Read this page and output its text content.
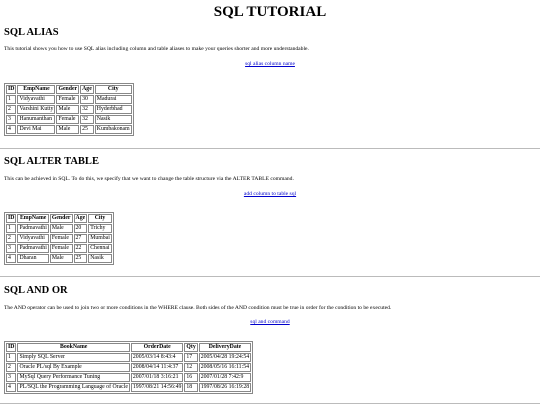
SQL TUTORIAL
SQL ALIAS

This tutorial shows you how to use SQL alias including column and table aliases to make your queries shorter and more understandable.

sql alias column name
ID	EmpName	Gender	Age	City
1	Vidyavathi	Female	30	Madurai
2	Varshini Kutty	Male	32	Hyderbhad
3	Hanumanthan	Female	32	Nasik
4	Devi Mai	Male	25	Kumbakonam
SQL ALTER TABLE

This can be achieved in SQL. To do this, we specify that we want to change the table structure via the ALTER TABLE command.

add column to table sql
ID	EmpName	Gender	Age	City
1	Padmavathi	Male	20	Trichy
2	Vidyavathi	Female	27	Mumbai
3	Padmavathi	Female	22	Chennai
4	Dharan	Male	25	Nasik
SQL AND OR

The AND operator can be used to join two or more conditions in the WHERE clause. Both sides of the AND condition must be true in order for the condition to be executed.

sql and command
ID	BookName	OrderDate	Qty	DeliveryDate
1	Simply SQL Server	2005/03/14 8:43:4	17	2005/04/28 19:24:54
2	Oracle PL/sql By Example	2008/04/14 11:4:37	12	2008/05/16 16:11:54
3	MySql Query Performance Tuning	2007/01/18 3:16:21	16	2007/01/28 7:42:9
4	PL/SQL the Programming Language of Oracle	1997/08/21 14:56:49	18	1997/08/26 16:19:28
